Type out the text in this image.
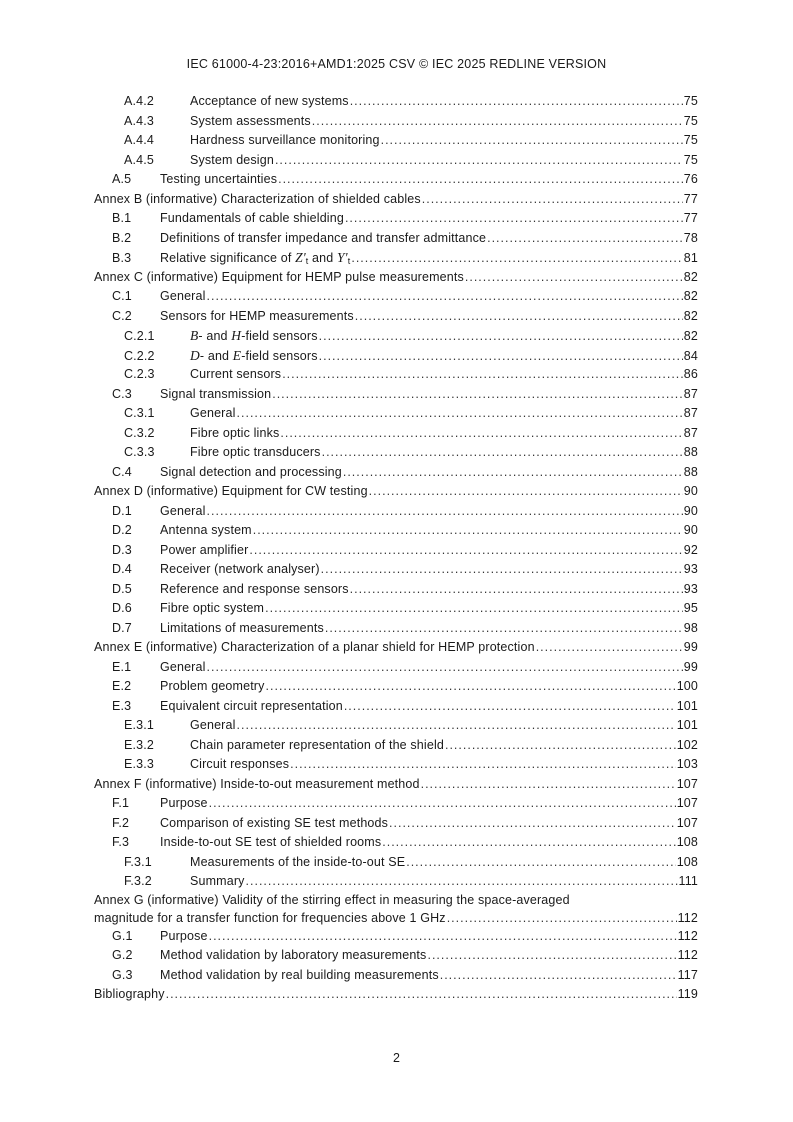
IEC 61000-4-23:2016+AMD1:2025 CSV © IEC 2025 REDLINE VERSION
A.4.2	Acceptance of new systems .....	75
A.4.3	System assessments .....	75
A.4.4	Hardness surveillance monitoring .....	75
A.4.5	System design .....	75
A.5	Testing uncertainties .....	76
Annex B (informative) Characterization of shielded cables .....	77
B.1	Fundamentals of cable shielding .....	77
B.2	Definitions of transfer impedance and transfer admittance .....	78
B.3	Relative significance of $Z'_t$ and $Y'_t$ .....	81
Annex C (informative) Equipment for HEMP pulse measurements .....	82
C.1	General .....	82
C.2	Sensors for HEMP measurements .....	82
C.2.1	B- and H-field sensors .....	82
C.2.2	D- and E-field sensors .....	84
C.2.3	Current sensors .....	86
C.3	Signal transmission .....	87
C.3.1	General .....	87
C.3.2	Fibre optic links .....	87
C.3.3	Fibre optic transducers .....	88
C.4	Signal detection and processing .....	88
Annex D (informative) Equipment for CW testing .....	90
D.1	General .....	90
D.2	Antenna system .....	90
D.3	Power amplifier .....	92
D.4	Receiver (network analyser) .....	93
D.5	Reference and response sensors .....	93
D.6	Fibre optic system .....	95
D.7	Limitations of measurements .....	98
Annex E (informative) Characterization of a planar shield for HEMP protection .....	99
E.1	General .....	99
E.2	Problem geometry .....	100
E.3	Equivalent circuit representation .....	101
E.3.1	General .....	101
E.3.2	Chain parameter representation of the shield .....	102
E.3.3	Circuit responses .....	103
Annex F (informative) Inside-to-out measurement method .....	107
F.1	Purpose .....	107
F.2	Comparison of existing SE test methods .....	107
F.3	Inside-to-out SE test of shielded rooms .....	108
F.3.1	Measurements of the inside-to-out SE .....	108
F.3.2	Summary .....	111
Annex G (informative) Validity of the stirring effect in measuring the space-averaged
magnitude for a transfer function for frequencies above 1 GHz .....	112
G.1	Purpose .....	112
G.2	Method validation by laboratory measurements .....	112
G.3	Method validation by real building measurements .....	117
Bibliography .....	119
2
